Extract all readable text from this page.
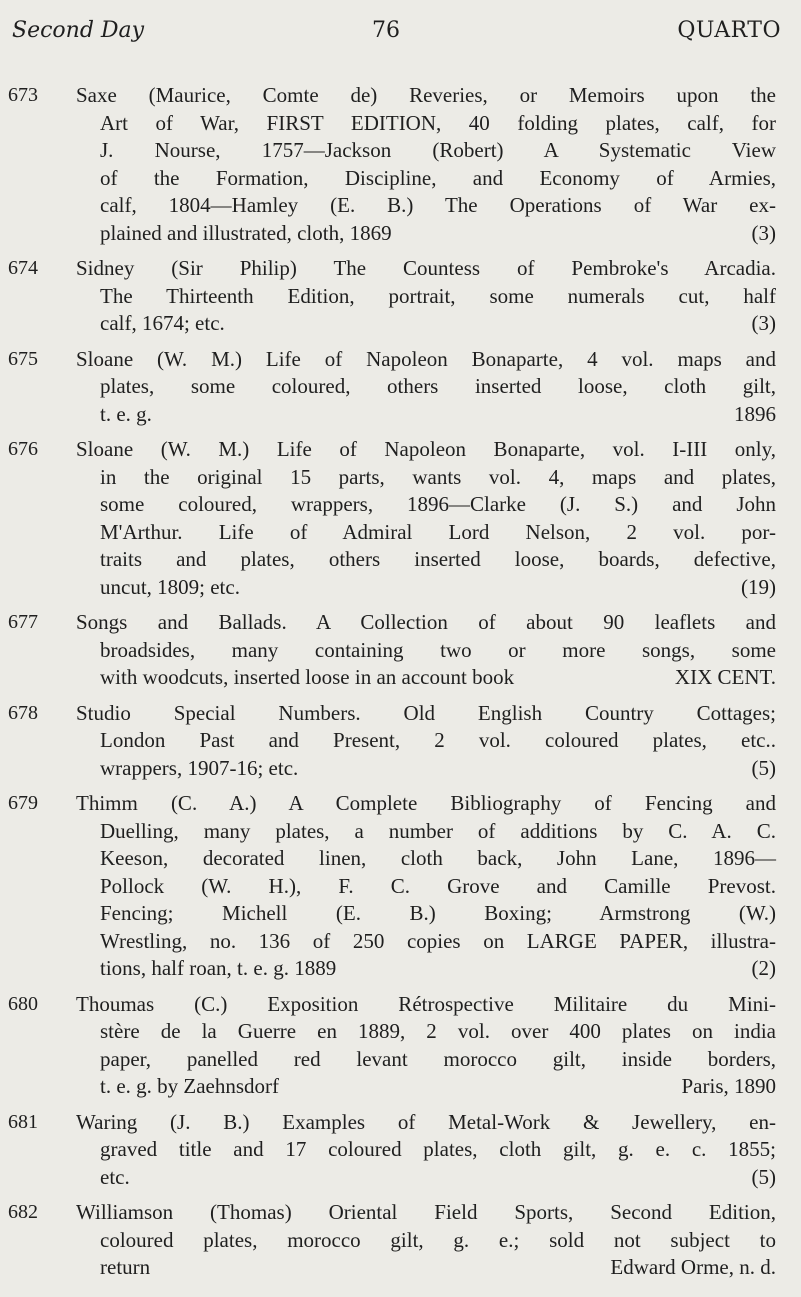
Second Day	76	QUARTO
673 Saxe (Maurice, Comte de) Reveries, or Memoirs upon the
Art of War, FIRST EDITION, 40 folding plates, calf, for
J. Nourse, 1757—Jackson (Robert) A Systematic View
of the Formation, Discipline, and Economy of Armies,
calf, 1804—Hamley (E. B.) The Operations of War ex-
plained and illustrated, cloth, 1869	(3)
674 Sidney (Sir Philip) The Countess of Pembroke's Arcadia.
The Thirteenth Edition, portrait, some numerals cut, half
calf, 1674; etc.	(3)
675 Sloane (W. M.) Life of Napoleon Bonaparte, 4 vol. maps and
plates, some coloured, others inserted loose, cloth gilt,
t. e. g.	1896
676 Sloane (W. M.) Life of Napoleon Bonaparte, vol. I-III only,
in the original 15 parts, wants vol. 4, maps and plates,
some coloured, wrappers, 1896—Clarke (J. S.) and John
M'Arthur. Life of Admiral Lord Nelson, 2 vol. por-
traits and plates, others inserted loose, boards, defective,
uncut, 1809; etc.	(19)
677 Songs and Ballads. A Collection of about 90 leaflets and
broadsides, many containing two or more songs, some
with woodcuts, inserted loose in an account book	XIX CENT.
678 Studio Special Numbers. Old English Country Cottages;
London Past and Present, 2 vol. coloured plates, etc..
wrappers, 1907-16; etc.	(5)
679 Thimm (C. A.) A Complete Bibliography of Fencing and
Duelling, many plates, a number of additions by C. A. C.
Keeson, decorated linen, cloth back, John Lane, 1896—
Pollock (W. H.), F. C. Grove and Camille Prevost.
Fencing; Michell (E. B.) Boxing; Armstrong (W.)
Wrestling, no. 136 of 250 copies on LARGE PAPER, illustra-
tions, half roan, t. e. g. 1889	(2)
680 Thoumas (C.) Exposition Rétrospective Militaire du Mini-
stère de la Guerre en 1889, 2 vol. over 400 plates on india
paper, panelled red levant morocco gilt, inside borders,
t. e. g. by Zaehnsdorf	Paris, 1890
681 Waring (J. B.) Examples of Metal-Work & Jewellery, en-
graved title and 17 coloured plates, cloth gilt, g. e. c. 1855;
etc.	(5)
682 Williamson (Thomas) Oriental Field Sports, Second Edition,
coloured plates, morocco gilt, g. e.; sold not subject to
return	Edward Orme, n. d.
